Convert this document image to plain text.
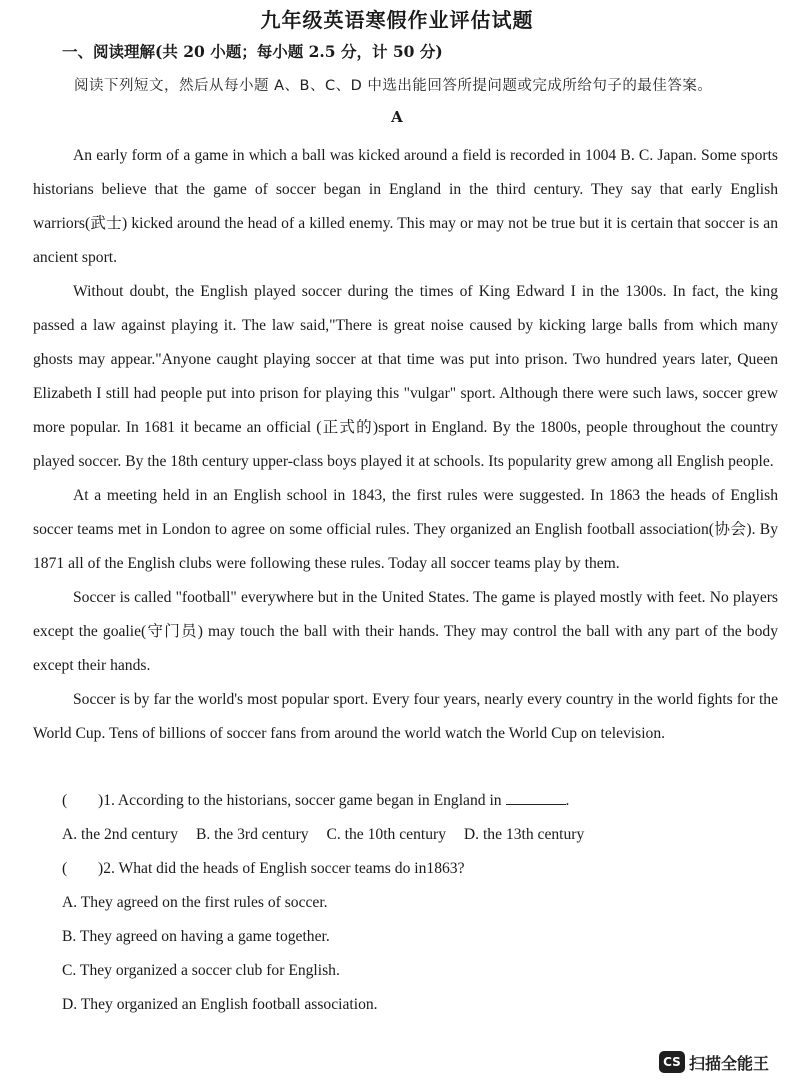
九年级英语寒假作业评估试题
一、阅读理解(共 20 小题；每小题 2.5 分，计 50 分)
阅读下列短文，然后从每小题 A、B、C、D 中选出能回答所提问题或完成所给句子的最佳答案。
A

An early form of a game in which a ball was kicked around a field is recorded in 1004 B. C. Japan. Some sports historians believe that the game of soccer began in England in the third century. They say that early English warriors(武士) kicked around the head of a killed enemy. This may or may not be true but it is certain that soccer is an ancient sport.

Without doubt, the English played soccer during the times of King Edward I in the 1300s. In fact, the king passed a law against playing it. The law said,"There is great noise caused by kicking large balls from which many ghosts may appear."Anyone caught playing soccer at that time was put into prison. Two hundred years later, Queen Elizabeth I still had people put into prison for playing this "vulgar" sport. Although there were such laws, soccer grew more popular. In 1681 it became an official (正式的)sport in England. By the 1800s, people throughout the country played soccer. By the 18th century upper-class boys played it at schools. Its popularity grew among all English people.

At a meeting held in an English school in 1843, the first rules were suggested. In 1863 the heads of English soccer teams met in London to agree on some official rules. They organized an English football association(协会). By 1871 all of the English clubs were following these rules. Today all soccer teams play by them.

Soccer is called "football" everywhere but in the United States. The game is played mostly with feet. No players except the goalie(守门员) may touch the ball with their hands. They may control the ball with any part of the body except their hands.

Soccer is by far the world's most popular sport. Every four years, nearly every country in the world fights for the World Cup. Tens of billions of soccer fans from around the world watch the World Cup on television.

( )1. According to the historians, soccer game began in England in	.
A. the 2nd century B. the 3rd century C. the 10th century D. the 13th century
( )2. What did the heads of English soccer teams do in1863?
A. They agreed on the first rules of soccer.
B. They agreed on having a game together.
C. They organized a soccer club for English.
D. They organized an English football association.
CS 扫描全能王
